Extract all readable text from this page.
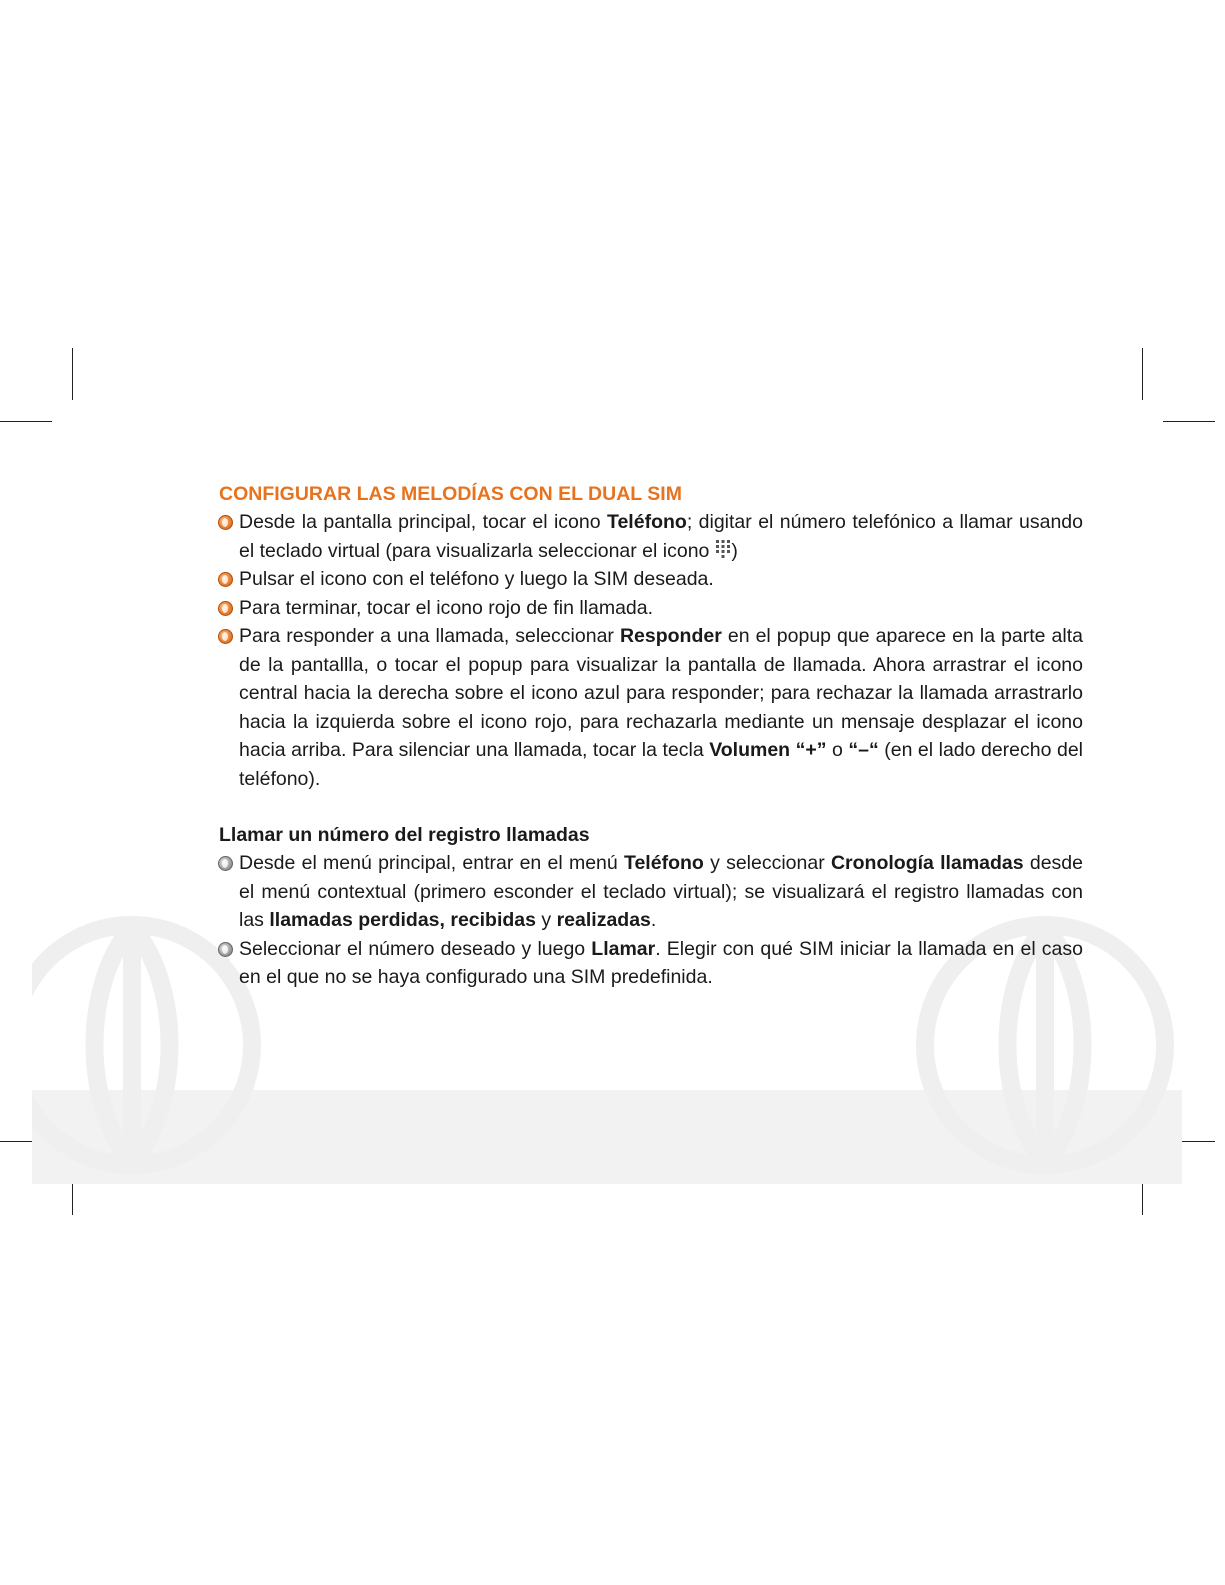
CONFIGURAR LAS MELODÍAS CON EL DUAL SIM
Desde la pantalla principal, tocar el icono Teléfono; digitar el número telefónico a llamar usando el teclado virtual (para visualizarla seleccionar el icono )
Pulsar el icono con el teléfono y luego la SIM deseada.
Para terminar, tocar el icono rojo de fin llamada.
Para responder a una llamada, seleccionar Responder en el popup que aparece en la parte alta de la pantallla, o tocar el popup para visualizar la pantalla de llamada. Ahora arrastrar el icono central hacia la derecha sobre el icono azul para responder; para rechazar la llamada arrastrarlo hacia la izquierda sobre el icono rojo, para rechazarla mediante un mensaje desplazar el icono hacia arriba. Para silenciar una llamada, tocar la tecla Volumen “+” o “–“ (en el lado derecho del teléfono).
Llamar un número del registro llamadas
Desde el menú principal, entrar en el menú Teléfono y seleccionar Cronología llamadas desde el menú contextual (primero esconder el teclado virtual); se visualizará el registro llamadas con las llamadas perdidas, recibidas y realizadas.
Seleccionar el número deseado y luego Llamar. Elegir con qué SIM iniciar la llamada en el caso en el que no se haya configurado una SIM predefinida.
